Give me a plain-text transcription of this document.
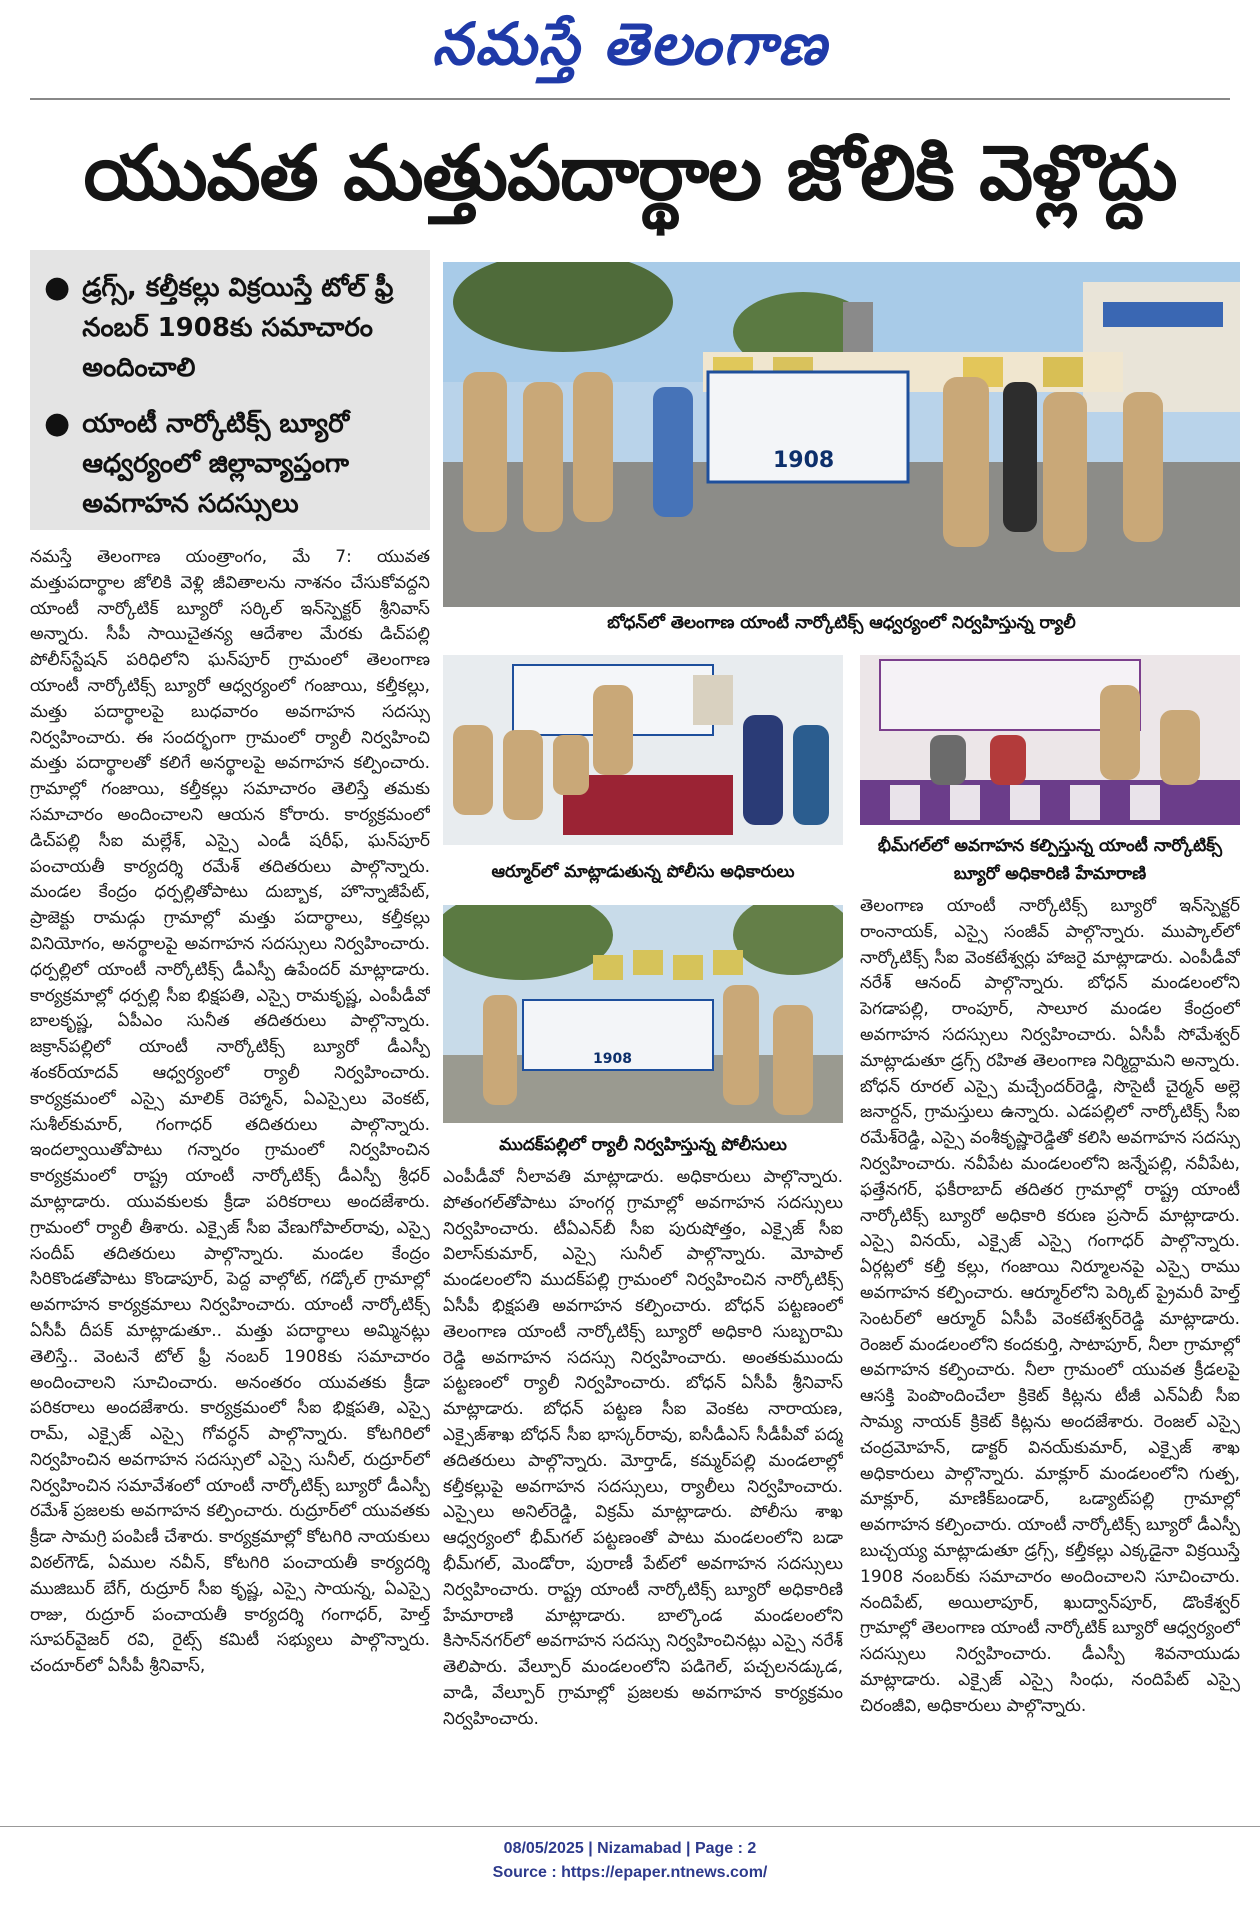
నమస్తే తెలంగాణ
యువత మత్తుపదార్థాల జోలికి వెళ్లొద్దు
● డ్రగ్స్, కల్తీకల్లు విక్రయిస్తే టోల్ ఫ్రీ నంబర్ 1908కు సమాచారం అందించాలి
● యాంటీ నార్కోటిక్స్ బ్యూరో ఆధ్వర్యంలో జిల్లావ్యాప్తంగా అవగాహన సదస్సులు
నమస్తే తెలంగాణ యంత్రాంగం, మే 7: యువత మత్తుపదార్థాల జోలికి వెళ్లి జీవితాలను నాశనం చేసుకోవద్దని యాంటీ నార్కోటిక్ బ్యూరో సర్కిల్ ఇన్‌స్పెక్టర్ శ్రీనివాస్ అన్నారు. సీపీ సాయిచైతన్య ఆదేశాల మేరకు డిచ్‌పల్లి పోలీస్‌స్టేషన్ పరిధిలోని ఘన్‌పూర్ గ్రామంలో తెలంగాణ యాంటీ నార్కోటిక్స్ బ్యూరో ఆధ్వర్యంలో గంజాయి, కల్తీకల్లు, మత్తు పదార్థాలపై బుధవారం అవగాహన సదస్సు నిర్వహించారు. ఈ సందర్భంగా గ్రామంలో ర్యాలీ నిర్వహించి మత్తు పదార్థాలతో కలిగే అనర్థాలపై అవగాహన కల్పించారు. గ్రామాల్లో గంజాయి, కల్తీకల్లు సమాచారం తెలిస్తే తమకు సమాచారం అందించాలని ఆయన కోరారు. కార్యక్రమంలో డిచ్‌పల్లి సీఐ మల్లేశ్, ఎస్సై ఎండీ షరీఫ్, ఘన్‌పూర్ పంచాయతీ కార్యదర్శి రమేశ్ తదితరులు పాల్గొన్నారు. మండల కేంద్రం ధర్పల్లితోపాటు దుబ్బాక, హొన్నాజీపేట్, ప్రాజెక్టు రామడ్గు గ్రామాల్లో మత్తు పదార్థాలు, కల్తీకల్లు వినియోగం, అనర్థాలపై అవగాహన సదస్సులు నిర్వహించారు. ధర్పల్లిలో యాంటీ నార్కోటిక్స్ డీఎస్పీ ఉపేందర్ మాట్లాడారు. కార్యక్రమాల్లో ధర్పల్లి సీఐ భిక్షపతి, ఎస్సై రామకృష్ణ, ఎంపీడీవో బాలకృష్ణ, ఏపీఎం సునీత తదితరులు పాల్గొన్నారు. జక్రాన్‌పల్లిలో యాంటీ నార్కోటిక్స్ బ్యూరో డీఎస్పీ శంకర్‌యాదవ్ ఆధ్వర్యంలో ర్యాలీ నిర్వహించారు. కార్యక్రమంలో ఎస్సై మాలిక్ రెహ్మాన్, ఏఎస్సైలు వెంకట్, సుశీల్‌కుమార్, గంగాధర్ తదితరులు పాల్గొన్నారు. ఇందల్వాయితోపాటు గన్నారం గ్రామంలో నిర్వహించిన కార్యక్రమంలో రాష్ట్ర యాంటీ నార్కోటిక్స్ డీఎస్పీ శ్రీధర్ మాట్లాడారు. యువకులకు క్రీడా పరికరాలు అందజేశారు. గ్రామంలో ర్యాలీ తీశారు. ఎక్సైజ్ సీఐ వేణుగోపాల్‌రావు, ఎస్సై సందీప్ తదితరులు పాల్గొన్నారు. మండల కేంద్రం సిరికొండతోపాటు కొండాపూర్, పెద్ద వాల్గోట్, గడ్కోల్ గ్రామాల్లో అవగాహన కార్యక్రమాలు నిర్వహించారు. యాంటీ నార్కోటిక్స్ ఏసీపీ దీపక్ మాట్లాడుతూ.. మత్తు పదార్థాలు అమ్మినట్లు తెలిస్తే.. వెంటనే టోల్ ఫ్రీ నంబర్ 1908కు సమాచారం అందించాలని సూచించారు. అనంతరం యువతకు క్రీడా పరికరాలు అందజేశారు. కార్యక్రమంలో సీఐ భిక్షపతి, ఎస్సై రామ్, ఎక్సైజ్ ఎస్సై గోవర్ధన్ పాల్గొన్నారు. కోటగిరిలో నిర్వహించిన అవగాహన సదస్సులో ఎస్సై సునీల్, రుద్రూర్‌లో నిర్వహించిన సమావేశంలో యాంటీ నార్కోటిక్స్ బ్యూరో డీఎస్పీ రమేశ్ ప్రజలకు అవగాహన కల్పించారు. రుద్రూర్‌లో యువతకు క్రీడా సామగ్రి పంపిణీ చేశారు. కార్యక్రమాల్లో కోటగిరి నాయకులు విఠల్‌గౌడ్, ఏముల నవీన్, కోటగిరి పంచాయతీ కార్యదర్శి ముజిబుర్ బేగ్, రుద్రూర్ సీఐ కృష్ణ, ఎస్సై సాయన్న, ఏఎస్సై రాజు, రుద్రూర్ పంచాయతీ కార్యదర్శి గంగాధర్, హెల్త్ సూపర్‌వైజర్ రవి, రైట్స్ కమిటీ సభ్యులు పాల్గొన్నారు. చందూర్‌లో ఏసీపీ శ్రీనివాస్,
1908
బోధన్‌లో తెలంగాణ యాంటీ నార్కోటిక్స్ ఆధ్వర్యంలో నిర్వహిస్తున్న ర్యాలీ
ఆర్మూర్‌లో మాట్లాడుతున్న పోలీసు అధికారులు
భీమ్‌గల్‌లో అవగాహన కల్పిస్తున్న యాంటీ నార్కోటిక్స్ బ్యూరో అధికారిణి హేమారాణి
1908
ముదక్‌పల్లిలో ర్యాలీ నిర్వహిస్తున్న పోలీసులు
ఎంపీడీవో నీలావతి మాట్లాడారు. అధికారులు పాల్గొన్నారు. పోతంగల్‌తోపాటు హంగర్గ గ్రామాల్లో అవగాహన సదస్సులు నిర్వహించారు. టీఏఎన్‌బీ సీఐ పురుషోత్తం, ఎక్సైజ్ సీఐ విలాస్‌కుమార్, ఎస్సై సునీల్ పాల్గొన్నారు. మోపాల్ మండలంలోని ముదక్‌పల్లి గ్రామంలో నిర్వహించిన నార్కోటిక్స్ ఏసీపీ భిక్షపతి అవగాహన కల్పించారు. బోధన్ పట్టణంలో తెలంగాణ యాంటీ నార్కోటిక్స్ బ్యూరో అధికారి సుబ్బరామి రెడ్డి అవగాహన సదస్సు నిర్వహించారు. అంతకుముందు పట్టణంలో ర్యాలీ నిర్వహించారు. బోధన్ ఏసీపీ శ్రీనివాస్ మాట్లాడారు. బోధన్ పట్టణ సీఐ వెంకట నారాయణ, ఎక్సైజ్‌శాఖ బోధన్ సీఐ భాస్కర్‌రావు, ఐసీడీఎస్ సీడీపీవో పద్మ తదితరులు పాల్గొన్నారు. మోర్తాడ్, కమ్మర్‌పల్లి మండలాల్లో కల్తీకల్లుపై అవగాహన సదస్సులు, ర్యాలీలు నిర్వహించారు. ఎస్సైలు అనిల్‌రెడ్డి, విక్రమ్ మాట్లాడారు. పోలీసు శాఖ ఆధ్వర్యంలో భీమ్‌గల్ పట్టణంతో పాటు మండలంలోని బడా భీమ్‌గల్, మెండోరా, పురాణీ పేట్‌లో అవగాహన సదస్సులు నిర్వహించారు. రాష్ట్ర యాంటీ నార్కోటిక్స్ బ్యూరో అధికారిణి హేమారాణి మాట్లాడారు. బాల్కొండ మండలంలోని కిసాన్‌నగర్‌లో అవగాహన సదస్సు నిర్వహించినట్లు ఎస్సై నరేశ్ తెలిపారు. వేల్పూర్ మండలంలోని పడిగెల్, పచ్చలనడ్కుడ, వాడి, వేల్పూర్ గ్రామాల్లో ప్రజలకు అవగాహన కార్యక్రమం నిర్వహించారు.
తెలంగాణ యాంటీ నార్కోటిక్స్ బ్యూరో ఇన్‌స్పెక్టర్ రాంనాయక్, ఎస్సై సంజీవ్ పాల్గొన్నారు. ముప్కాల్‌లో నార్కోటిక్స్ సీఐ వెంకటేశ్వర్లు హాజరై మాట్లాడారు. ఎంపీడీవో నరేశ్ ఆనంద్ పాల్గొన్నారు. బోధన్ మండలంలోని పెగడాపల్లి, రాంపూర్, సాలూర మండల కేంద్రంలో అవగాహన సదస్సులు నిర్వహించారు. ఏసీపీ సోమేశ్వర్ మాట్లాడుతూ డ్రగ్స్ రహిత తెలంగాణ నిర్మిద్దామని అన్నారు. బోధన్ రూరల్ ఎస్సై మచ్చేందర్‌రెడ్డి, సొసైటీ చైర్మన్ అల్లె జనార్దన్, గ్రామస్తులు ఉన్నారు. ఎడపల్లిలో నార్కోటిక్స్ సీఐ రమేశ్‌రెడ్డి, ఎస్సై వంశీకృష్ణారెడ్డితో కలిసి అవగాహన సదస్సు నిర్వహించారు. నవీపేట మండలంలోని జన్నేపల్లి, నవీపేట, ఫత్తేనగర్, ఫకీరాబాద్ తదితర గ్రామాల్లో రాష్ట్ర యాంటీ నార్కోటిక్స్ బ్యూరో అధికారి కరుణ ప్రసాద్ మాట్లాడారు. ఎస్సై వినయ్, ఎక్సైజ్ ఎస్సై గంగాధర్ పాల్గొన్నారు. ఏర్గట్లలో కల్తీ కల్లు, గంజాయి నిర్మూలనపై ఎస్సై రాము అవగాహన కల్పించారు. ఆర్మూర్‌లోని పెర్కిట్ ప్రైమరీ హెల్త్ సెంటర్‌లో ఆర్మూర్ ఏసీపీ వెంకటేశ్వర్‌రెడ్డి మాట్లాడారు. రెంజల్ మండలంలోని కందకుర్తి, సాటాపూర్, నీలా గ్రామాల్లో అవగాహన కల్పించారు. నీలా గ్రామంలో యువత క్రీడలపై ఆసక్తి పెంపొందించేలా క్రికెట్ కిట్లను టీజీ ఎన్‌ఏబీ సీఐ సామ్య నాయక్ క్రికెట్ కిట్లను అందజేశారు. రెంజల్ ఎస్సై చంద్రమోహన్, డాక్టర్ వినయ్‌కుమార్, ఎక్సైజ్ శాఖ అధికారులు పాల్గొన్నారు. మాక్లూర్ మండలంలోని గుత్ప, మాక్లూర్, మాణిక్‌బండార్, ఒడ్యాట్‌పల్లి గ్రామాల్లో అవగాహన కల్పించారు. యాంటీ నార్కోటిక్స్ బ్యూరో డీఎస్పీ బుచ్చయ్య మాట్లాడుతూ డ్రగ్స్, కల్తీకల్లు ఎక్కడైనా విక్రయిస్తే 1908 నంబర్‌కు సమాచారం అందించాలని సూచించారు. నందిపేట్, అయిలాపూర్, ఖుద్వాన్‌పూర్, డొంకేశ్వర్ గ్రామాల్లో తెలంగాణ యాంటీ నార్కోటిక్ బ్యూరో ఆధ్వర్యంలో సదస్సులు నిర్వహించారు. డీఎస్పీ శివనాయుడు మాట్లాడారు. ఎక్సైజ్ ఎస్సై సింధు, నందిపేట్ ఎస్సై చిరంజీవి, అధికారులు పాల్గొన్నారు.
08/05/2025 | Nizamabad | Page : 2
Source : https://epaper.ntnews.com/
